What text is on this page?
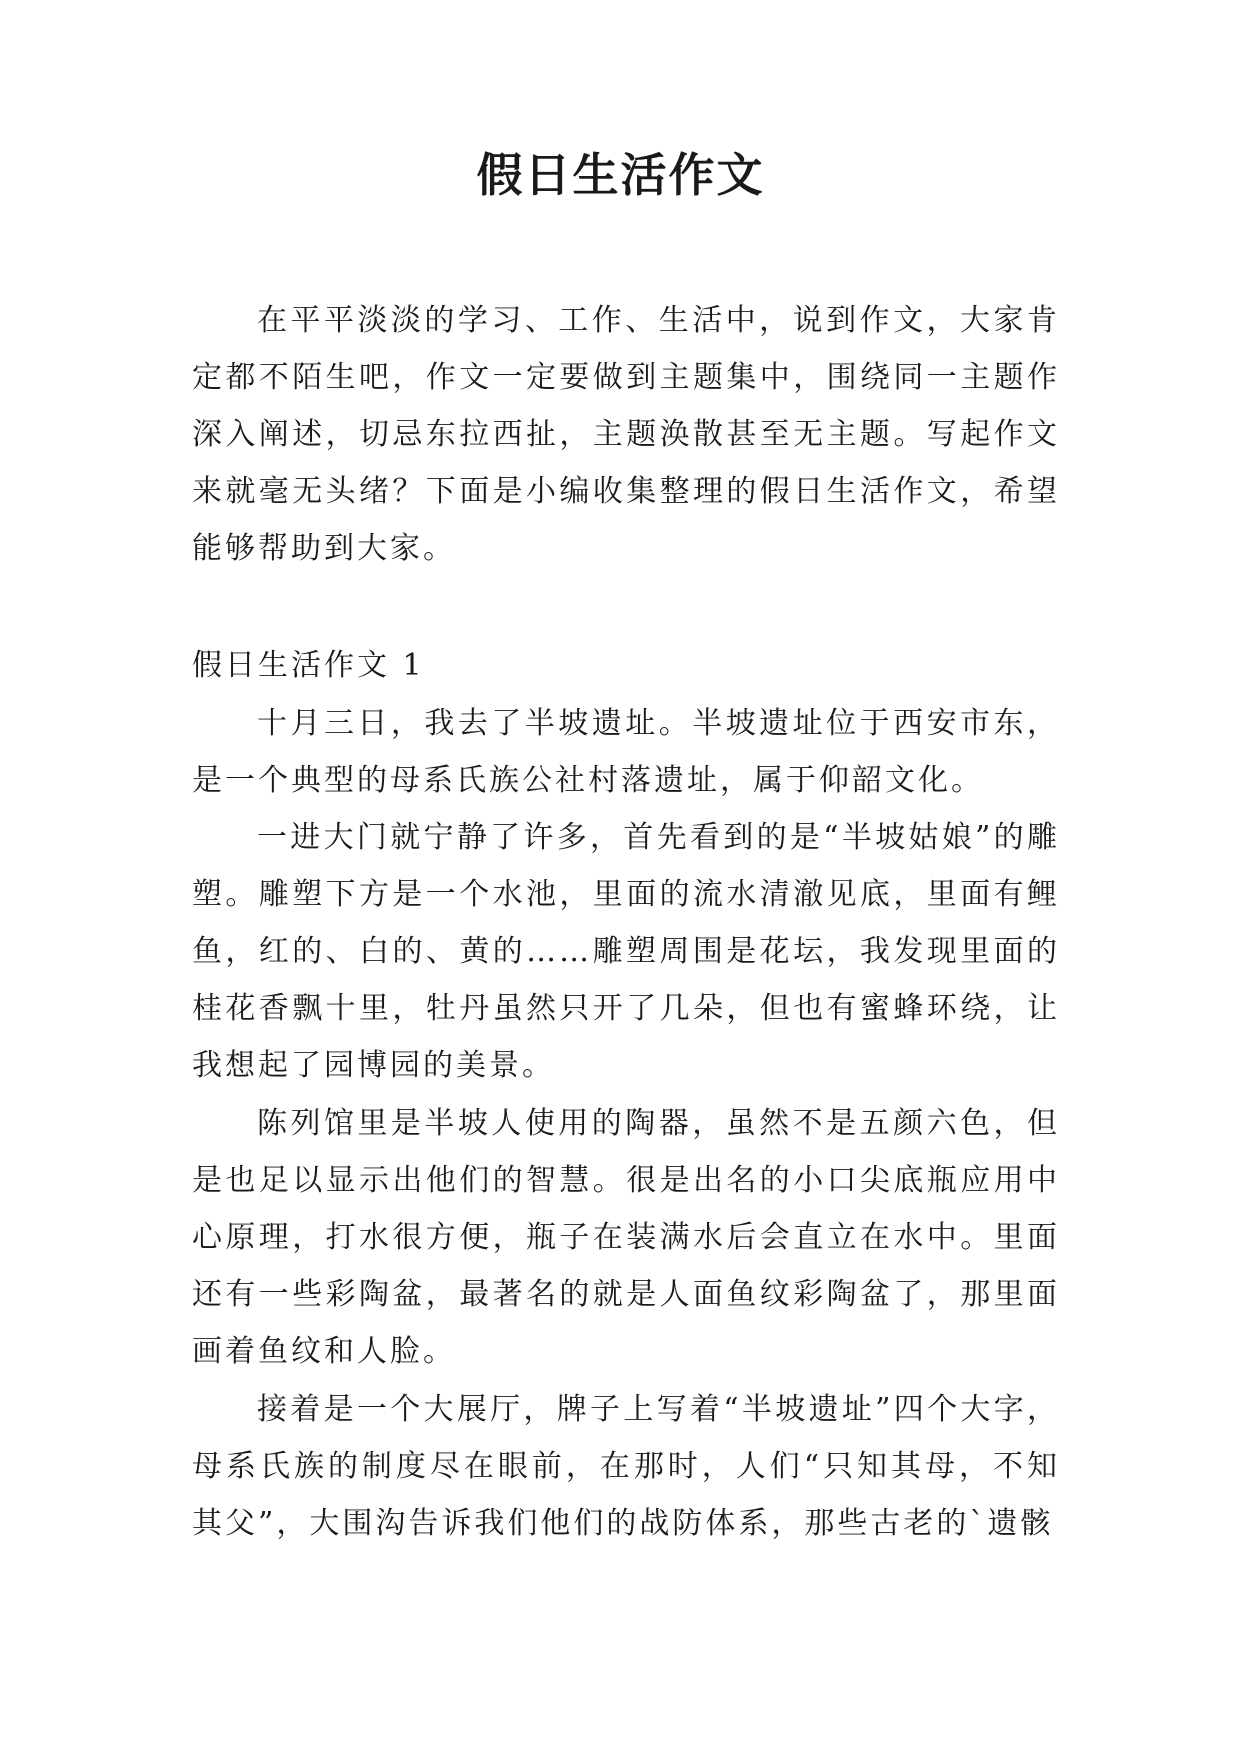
假日生活作文

在平平淡淡的学习、工作、生活中，说到作文，大家肯定都不陌生吧，作文一定要做到主题集中，围绕同一主题作深入阐述，切忌东拉西扯，主题涣散甚至无主题。写起作文来就毫无头绪？下面是小编收集整理的假日生活作文，希望能够帮助到大家。

假日生活作文 1

十月三日，我去了半坡遗址。半坡遗址位于西安市东，是一个典型的母系氏族公社村落遗址，属于仰韶文化。

一进大门就宁静了许多，首先看到的是“半坡姑娘”的雕塑。雕塑下方是一个水池，里面的流水清澈见底，里面有鲤鱼，红的、白的、黄的……雕塑周围是花坛，我发现里面的桂花香飘十里，牡丹虽然只开了几朵，但也有蜜蜂环绕，让我想起了园博园的美景。

陈列馆里是半坡人使用的陶器，虽然不是五颜六色，但是也足以显示出他们的智慧。很是出名的小口尖底瓶应用中心原理，打水很方便，瓶子在装满水后会直立在水中。里面还有一些彩陶盆，最著名的就是人面鱼纹彩陶盆了，那里面画着鱼纹和人脸。

接着是一个大展厅，牌子上写着“半坡遗址”四个大字，母系氏族的制度尽在眼前，在那时，人们“只知其母，不知其父”，大围沟告诉我们他们的战防体系，那些古老的`遗骸
